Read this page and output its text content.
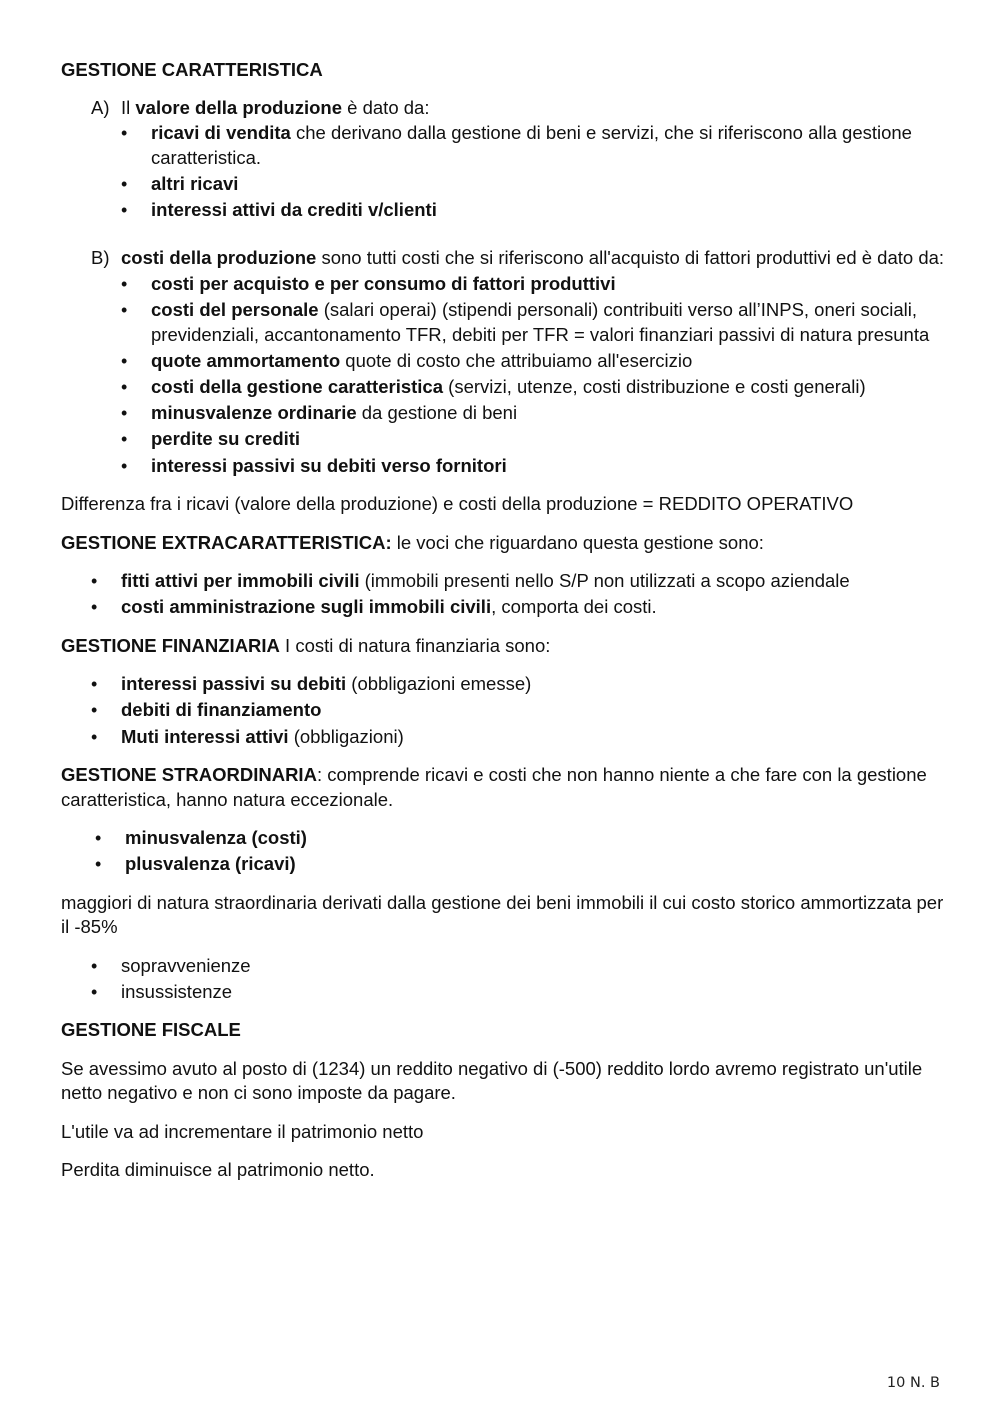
GESTIONE CARATTERISTICA

A) Il valore della produzione è dato da:
• ricavi di vendita che derivano dalla gestione di beni e servizi, che si riferiscono alla gestione caratteristica.
• altri ricavi
• interessi attivi da crediti v/clienti
B) costi della produzione sono tutti costi che si riferiscono all'acquisto di fattori produttivi ed è dato da:
• costi per acquisto e per consumo di fattori produttivi
• costi del personale (salari operai) (stipendi personali) contribuiti verso all’INPS, oneri sociali, previdenziali, accantonamento TFR, debiti per TFR = valori finanziari passivi di natura presunta
• quote ammortamento quote di costo che attribuiamo all'esercizio
• costi della gestione caratteristica (servizi, utenze, costi distribuzione e costi generali)
• minusvalenze ordinarie da gestione di beni
• perdite su crediti
• interessi passivi su debiti verso fornitori

Differenza fra i ricavi (valore della produzione) e costi della produzione = REDDITO OPERATIVO

GESTIONE EXTRACARATTERISTICA: le voci che riguardano questa gestione sono:

• fitti attivi per immobili civili (immobili presenti nello S/P non utilizzati a scopo aziendale
• costi amministrazione sugli immobili civili, comporta dei costi.

GESTIONE FINANZIARIA I costi di natura finanziaria sono:

• interessi passivi su debiti (obbligazioni emesse)
• debiti di finanziamento
• Muti interessi attivi (obbligazioni)

GESTIONE STRAORDINARIA: comprende ricavi e costi che non hanno niente a che fare con la gestione caratteristica, hanno natura eccezionale.

• minusvalenza (costi)
• plusvalenza (ricavi)

maggiori di natura straordinaria derivati dalla gestione dei beni immobili il cui costo storico ammortizzata per il -85%

• sopravvenienze
• insussistenze

GESTIONE FISCALE

Se avessimo avuto al posto di (1234) un reddito negativo di (-500) reddito lordo avremo registrato un'utile netto negativo e non ci sono imposte da pagare.

L'utile va ad incrementare il patrimonio netto

Perdita diminuisce al patrimonio netto.

10 N. B
